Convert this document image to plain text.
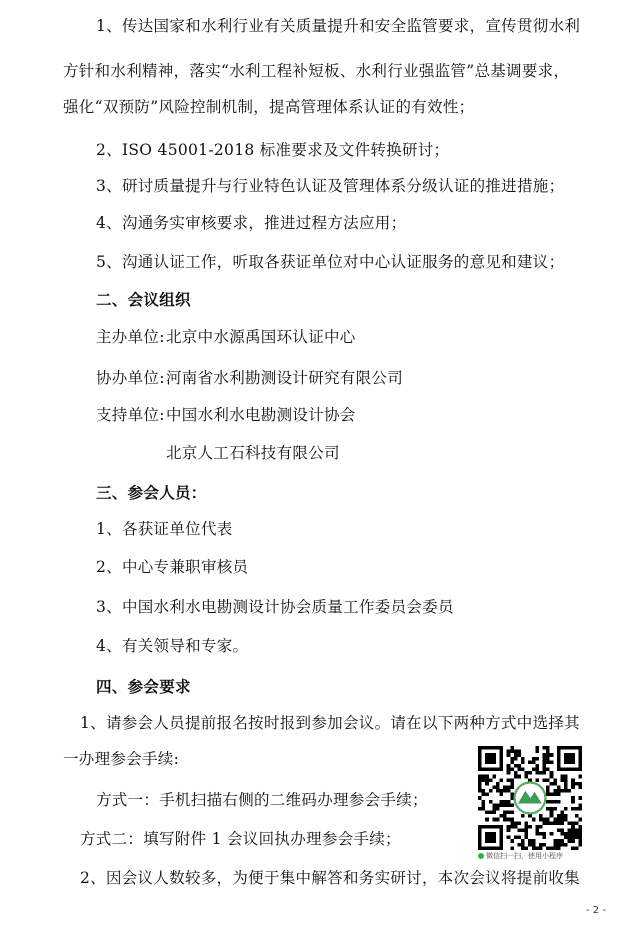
1、传达国家和水利行业有关质量提升和安全监管要求，宣传贯彻水利
方针和水利精神，落实“水利工程补短板、水利行业强监管”总基调要求，
强化“双预防”风险控制机制，提高管理体系认证的有效性；
2、ISO 45001-2018 标准要求及文件转换研讨；
3、研讨质量提升与行业特色认证及管理体系分级认证的推进措施；
4、沟通务实审核要求，推进过程方法应用；
5、沟通认证工作，听取各获证单位对中心认证服务的意见和建议；
二、会议组织
主办单位: 北京中水源禹国环认证中心
协办单位: 河南省水利勘测设计研究有限公司
支持单位: 中国水利水电勘测设计协会
北京人工石科技有限公司
三、参会人员：
1、各获证单位代表
2、中心专兼职审核员
3、中国水利水电勘测设计协会质量工作委员会委员
4、有关领导和专家。
四、参会要求
1、请参会人员提前报名按时报到参加会议。请在以下两种方式中选择其
一办理参会手续:
方式一：手机扫描右侧的二维码办理参会手续；
方式二：填写附件 1 会议回执办理参会手续；
2、因会议人数较多，为便于集中解答和务实研讨，本次会议将提前收集
微信扫一扫，使用小程序
- 2 -
